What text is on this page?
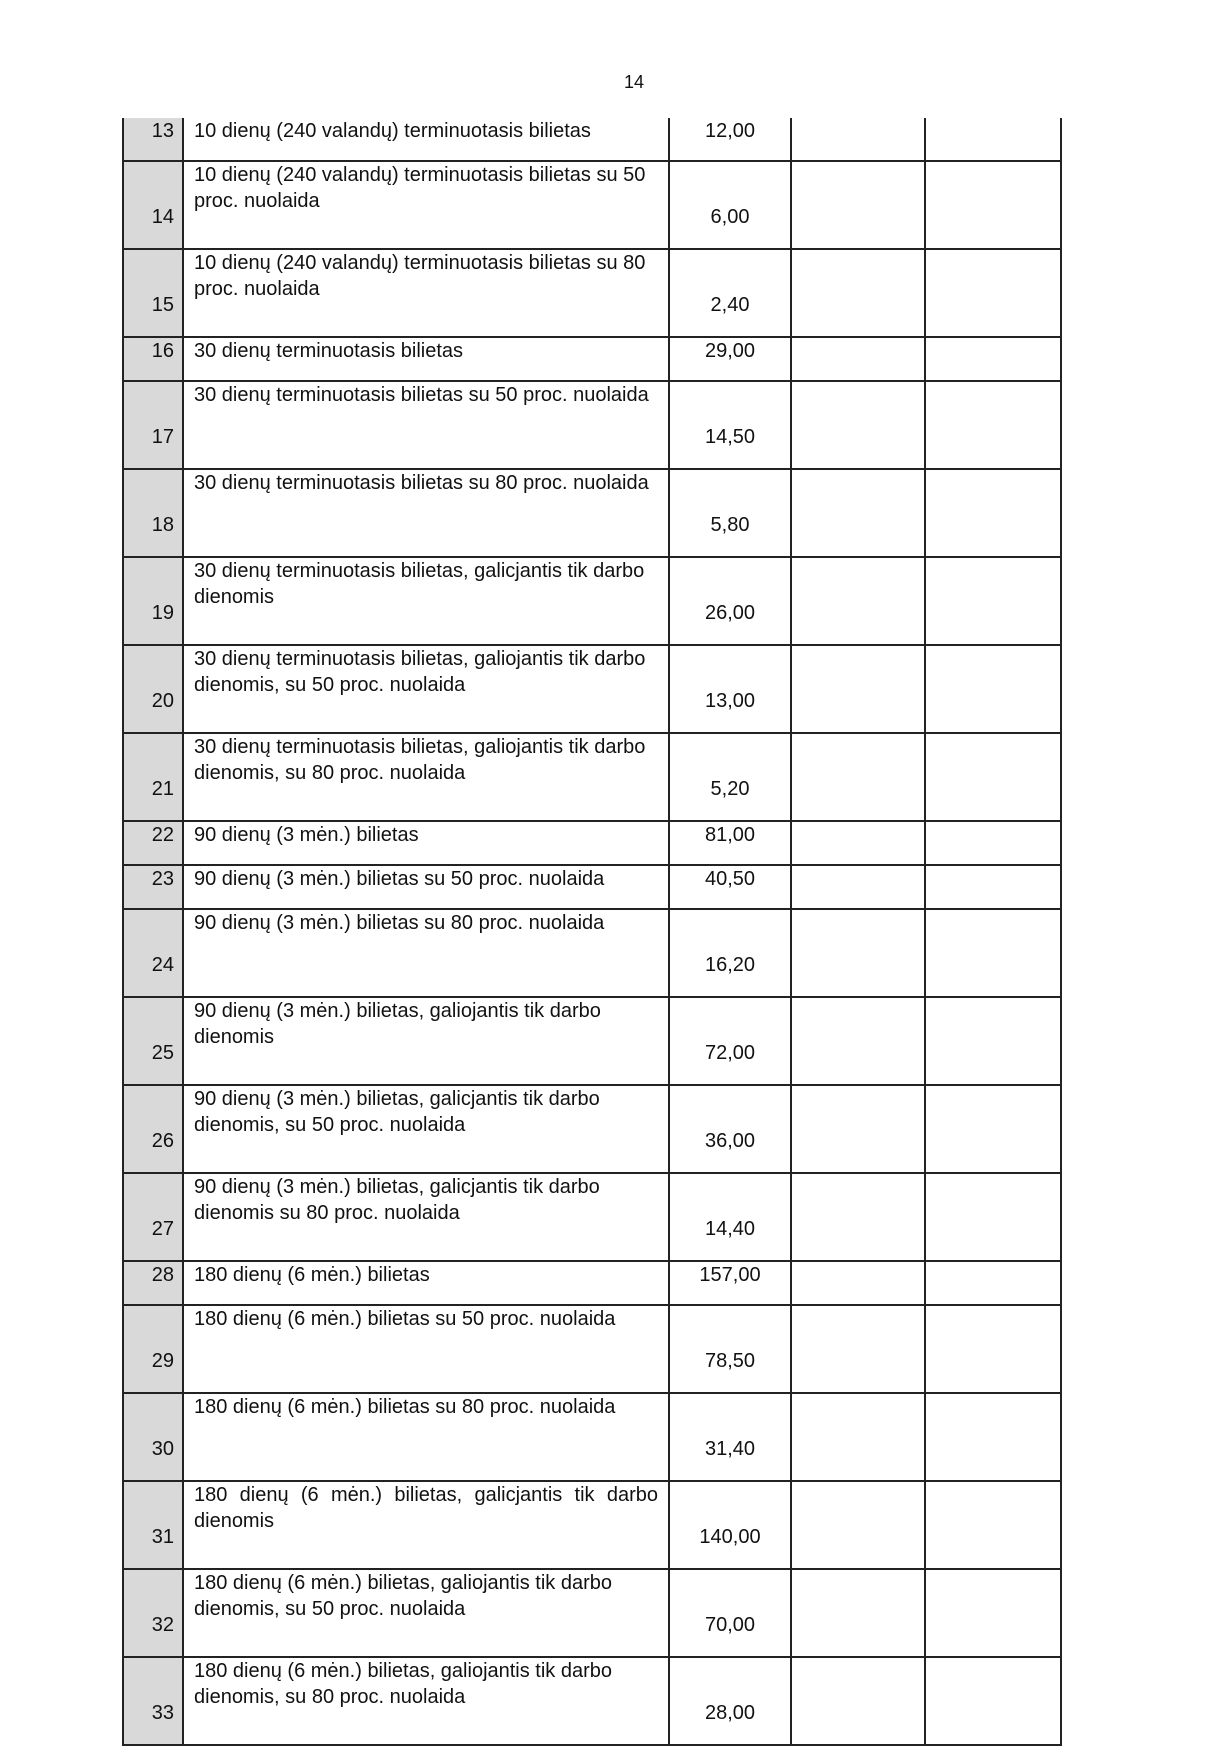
14
13	10 dienų (240 valandų) terminuotasis bilietas	12,00		
14	10 dienų (240 valandų) terminuotasis bilietas su 50 proc. nuolaida	6,00		
15	10 dienų (240 valandų) terminuotasis bilietas su 80 proc. nuolaida	2,40		
16	30 dienų terminuotasis bilietas	29,00		
17	30 dienų terminuotasis bilietas su 50 proc. nuolaida	14,50		
18	30 dienų terminuotasis bilietas su 80 proc. nuolaida	5,80		
19	30 dienų terminuotasis bilietas, galicjantis tik darbo dienomis	26,00		
20	30 dienų terminuotasis bilietas, galiojantis tik darbo dienomis, su 50 proc. nuolaida	13,00		
21	30 dienų terminuotasis bilietas, galiojantis tik darbo dienomis, su 80 proc. nuolaida	5,20		
22	90 dienų (3 mėn.) bilietas	81,00		
23	90 dienų (3 mėn.) bilietas su 50 proc. nuolaida	40,50		
24	90 dienų (3 mėn.) bilietas su 80 proc. nuolaida	16,20		
25	90 dienų (3 mėn.) bilietas, galiojantis tik darbo dienomis	72,00		
26	90 dienų (3 mėn.) bilietas, galicjantis tik darbo dienomis, su 50 proc. nuolaida	36,00		
27	90 dienų (3 mėn.) bilietas, galicjantis tik darbo dienomis su 80 proc. nuolaida	14,40		
28	180 dienų (6 mėn.) bilietas	157,00		
29	180 dienų (6 mėn.) bilietas su 50 proc. nuolaida	78,50		
30	180 dienų (6 mėn.) bilietas su 80 proc. nuolaida	31,40		
31	180 dienų (6 mėn.) bilietas, galicjantis tik darbo dienomis	140,00		
32	180 dienų (6 mėn.) bilietas, galiojantis tik darbo dienomis, su 50 proc. nuolaida	70,00		
33	180 dienų (6 mėn.) bilietas, galiojantis tik darbo dienomis, su 80 proc. nuolaida	28,00		
